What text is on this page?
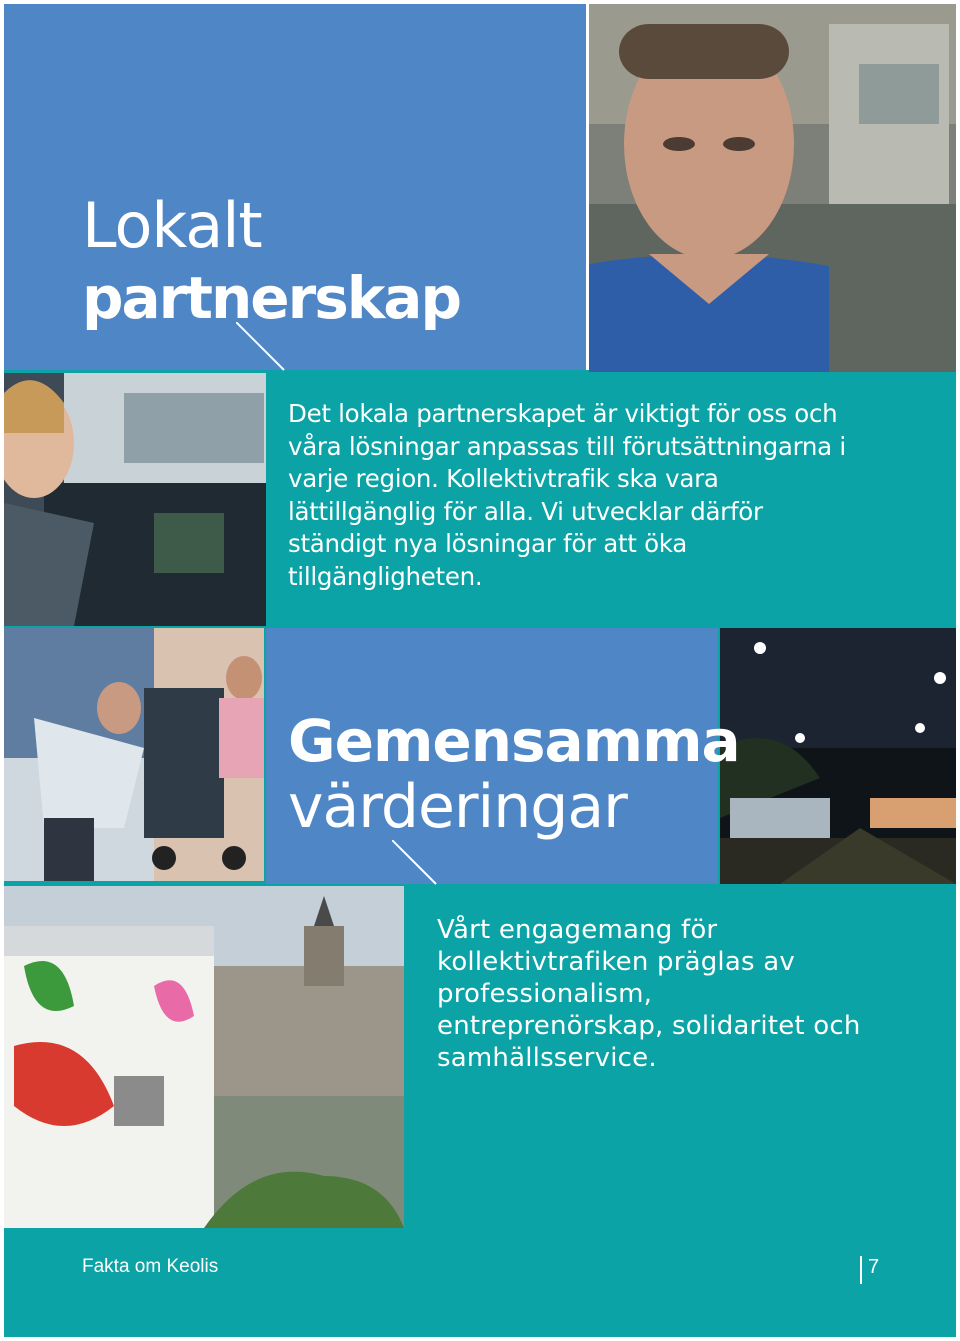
Lokalt
partnerskap
Det lokala partnerskapet är viktigt för oss och våra lösningar anpassas till förutsättningarna i varje region. Kollektivtrafik ska vara lättillgänglig för alla. Vi utvecklar därför ständigt nya lösningar för att öka tillgängligheten.
Gemensamma
värderingar
Vårt engagemang för kollektivtrafiken präglas av professionalism, entreprenörskap, solidaritet och samhällsservice.
Fakta om Keolis	7
